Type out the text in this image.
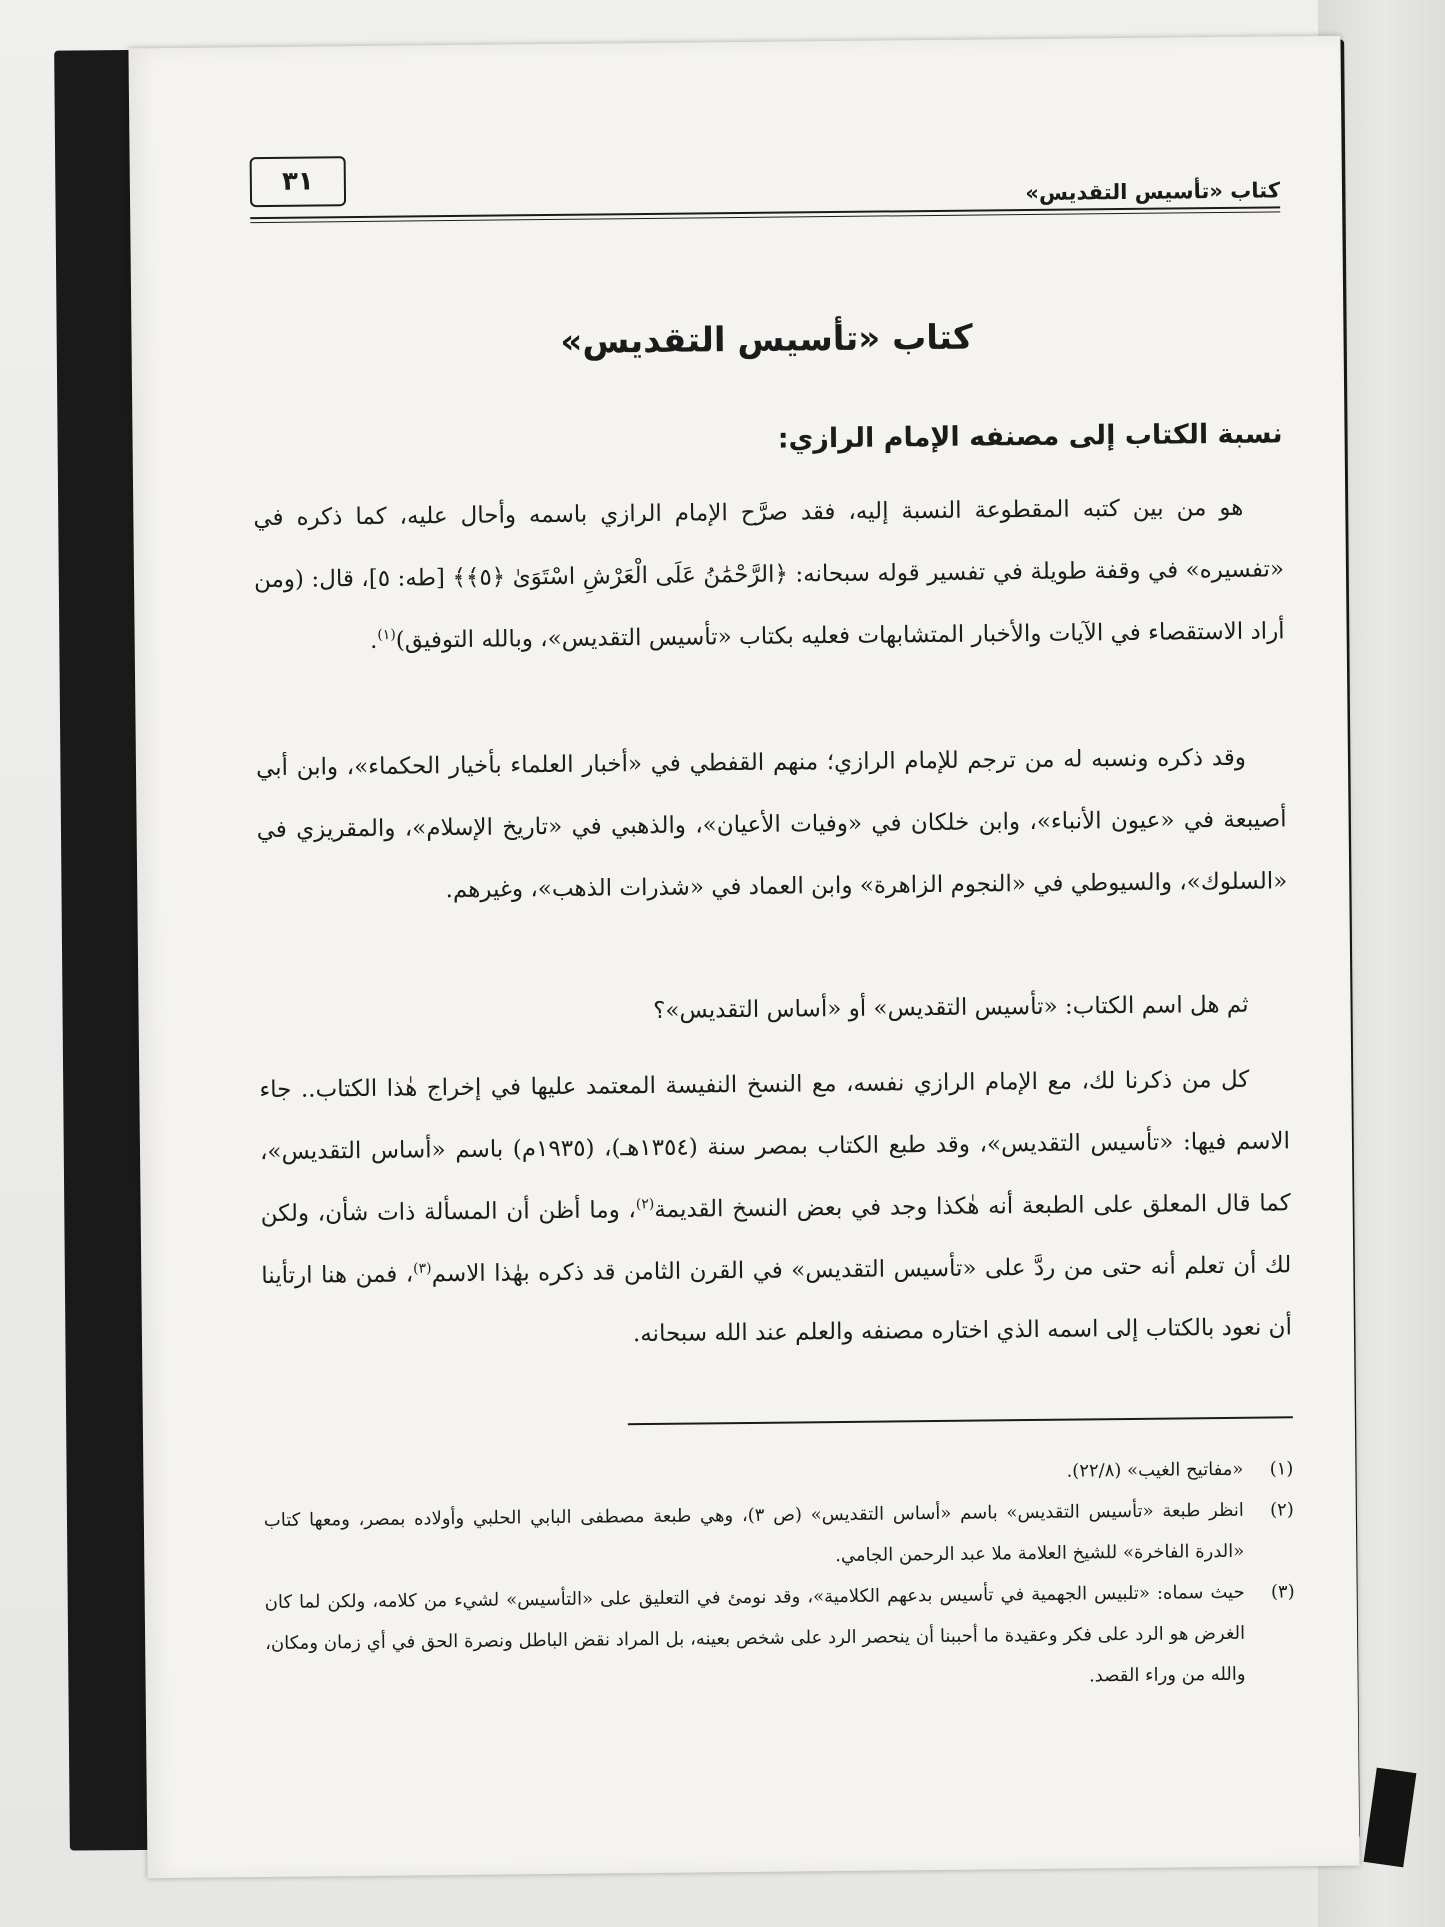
كتاب «تأسيس التقديس»
٣١
كتاب «تأسيس التقديس»
نسبة الكتاب إلى مصنفه الإمام الرازي:

هو من بين كتبه المقطوعة النسبة إليه، فقد صرَّح الإمام الرازي باسمه وأحال عليه، كما ذكره في «تفسيره» في وقفة طويلة في تفسير قوله سبحانه: ﴿الرَّحْمَٰنُ عَلَى الْعَرْشِ اسْتَوَىٰ ﴿٥﴾﴾ [طه: ٥]، قال: (ومن أراد الاستقصاء في الآيات والأخبار المتشابهات فعليه بكتاب «تأسيس التقديس»، وبالله التوفيق)$^{(١)}$.

وقد ذكره ونسبه له من ترجم للإمام الرازي؛ منهم القفطي في «أخبار العلماء بأخيار الحكماء»، وابن أبي أصيبعة في «عيون الأنباء»، وابن خلكان في «وفيات الأعيان»، والذهبي في «تاريخ الإسلام»، والمقريزي في «السلوك»، والسيوطي في «النجوم الزاهرة» وابن العماد في «شذرات الذهب»، وغيرهم.

ثم هل اسم الكتاب: «تأسيس التقديس» أو «أساس التقديس»؟

كل من ذكرنا لك، مع الإمام الرازي نفسه، مع النسخ النفيسة المعتمد عليها في إخراج هٰذا الكتاب.. جاء الاسم فيها: «تأسيس التقديس»، وقد طبع الكتاب بمصر سنة (١٣٥٤هـ)، (١٩٣٥م) باسم «أساس التقديس»، كما قال المعلق على الطبعة أنه هٰكذا وجد في بعض النسخ القديمة$^{(٢)}$، وما أظن أن المسألة ذات شأن، ولكن لك أن تعلم أنه حتى من ردَّ على «تأسيس التقديس» في القرن الثامن قد ذكره بهٰذا الاسم$^{(٣)}$، فمن هنا ارتأينا أن نعود بالكتاب إلى اسمه الذي اختاره مصنفه والعلم عند الله سبحانه.

(١)
«مفاتيح الغيب» (٢٢/٨).
(٢)
انظر طبعة «تأسيس التقديس» باسم «أساس التقديس» (ص ٣)، وهي طبعة مصطفى البابي الحلبي وأولاده بمصر، ومعها كتاب «الدرة الفاخرة» للشيخ العلامة ملا عبد الرحمن الجامي.
(٣)
حيث سماه: «تلبيس الجهمية في تأسيس بدعهم الكلامية»، وقد نومئ في التعليق على «التأسيس» لشيء من كلامه، ولكن لما كان الغرض هو الرد على فكر وعقيدة ما أحببنا أن ينحصر الرد على شخص بعينه، بل المراد نقض الباطل ونصرة الحق في أي زمان ومكان، والله من وراء القصد.
